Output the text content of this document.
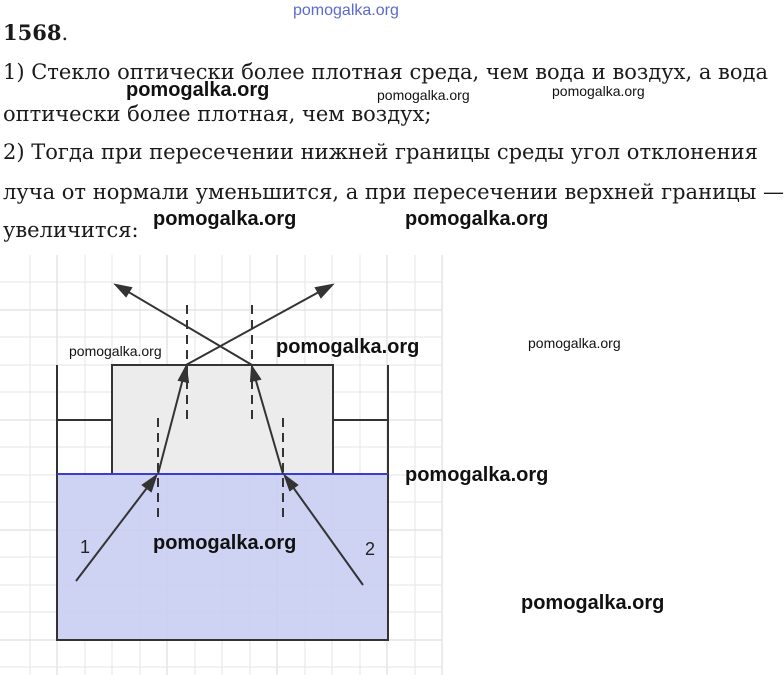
1568.
1) Стекло оптически более плотная среда, чем вода и воздух, а вода
оптически более плотная, чем воздух;
2) Тогда при пересечении нижней границы среды угол отклонения
луча от нормали уменьшится, а при пересечении верхней границы —
увеличится:
1	2
pomogalka.org
pomogalka.org	pomogalka.org	pomogalka.org
pomogalka.org	pomogalka.org
pomogalka.org	pomogalka.org	pomogalka.org
pomogalka.org
pomogalka.org
pomogalka.org
